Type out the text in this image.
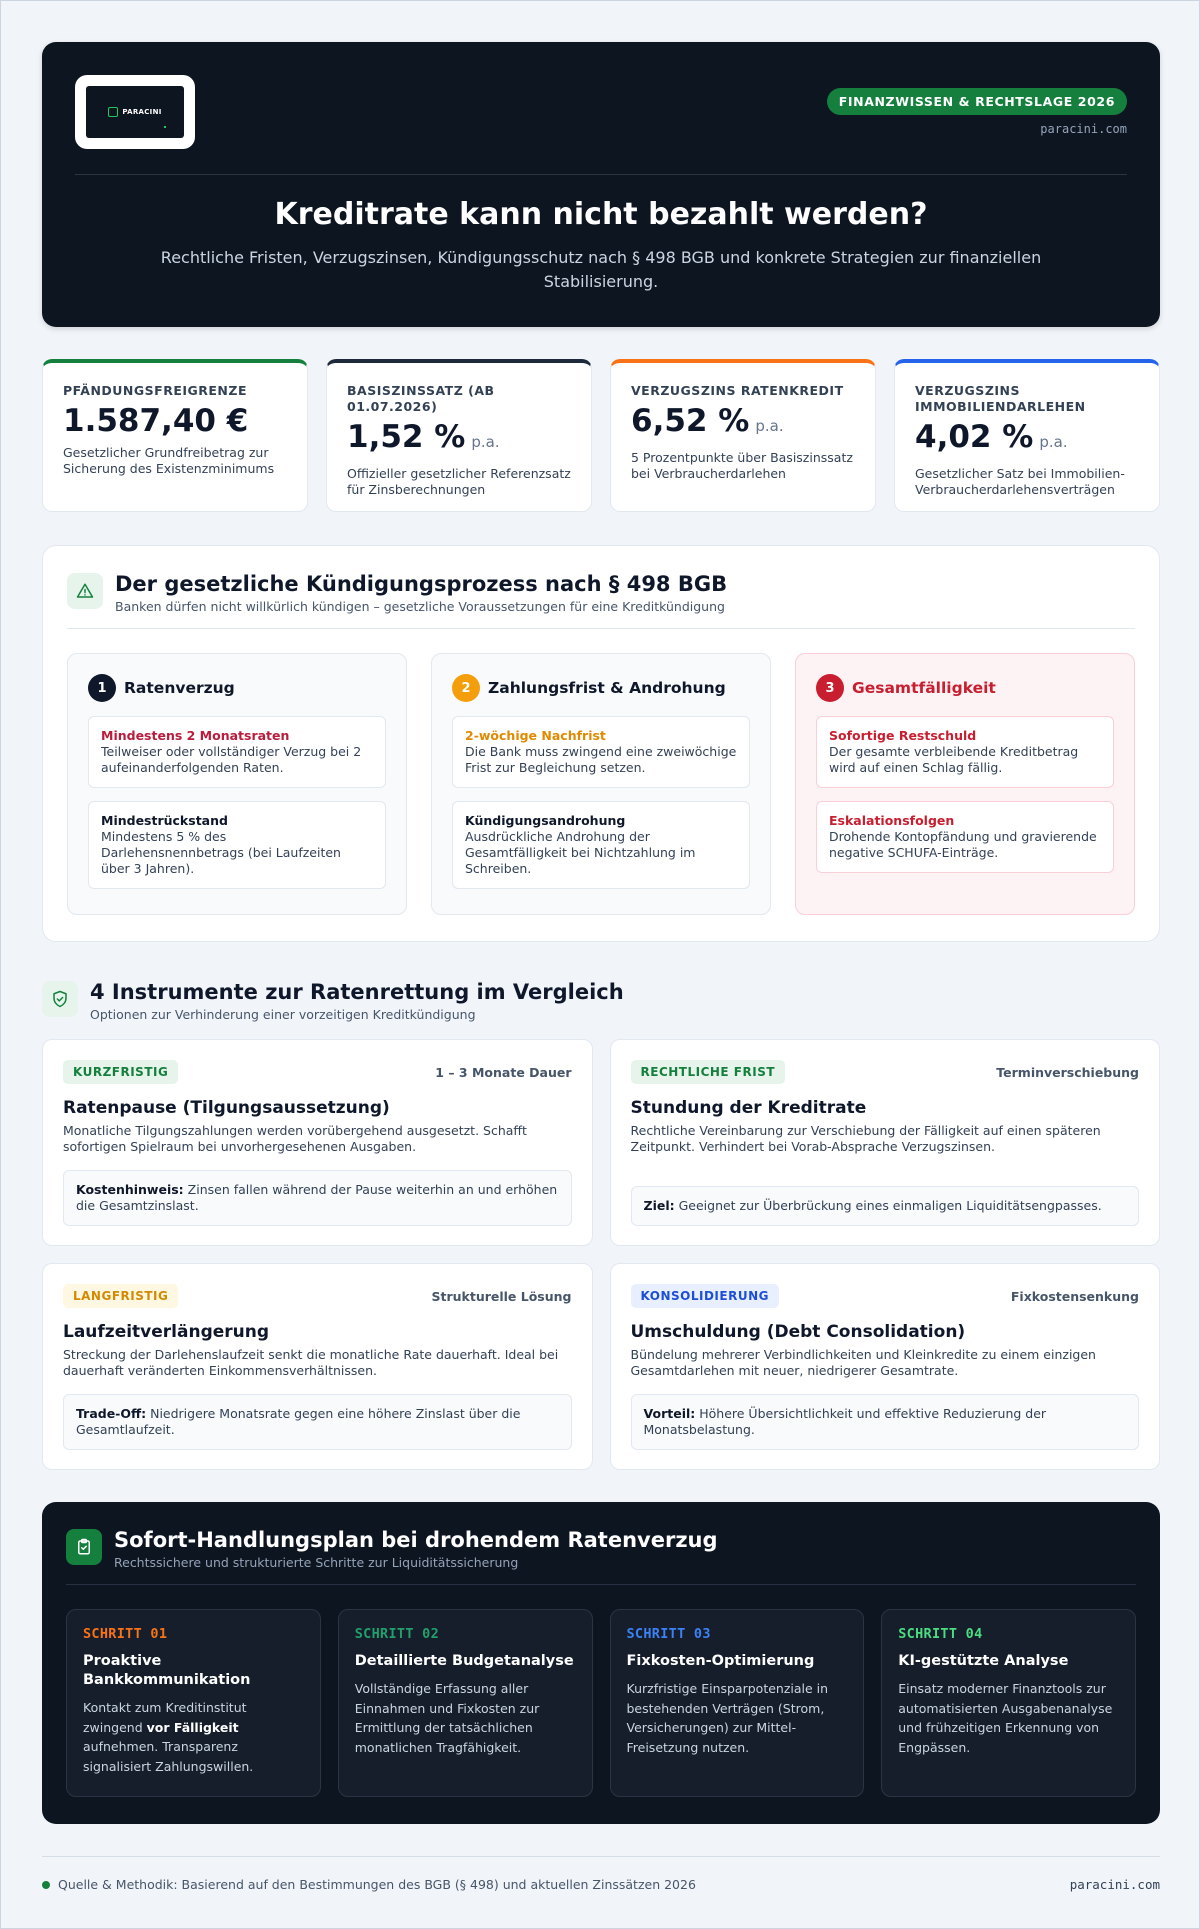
PARACINI
FINANZWISSEN & RECHTSLAGE 2026
paracini.com
Kreditrate kann nicht bezahlt werden?

Rechtliche Fristen, Verzugszinsen, Kündigungsschutz nach § 498 BGB und konkrete Strategien zur finanziellen Stabilisierung.

PFÄNDUNGSFREIGRENZE
1.587,40 €
Gesetzlicher Grundfreibetrag zur Sicherung des Existenzminimums
BASISZINSSATZ (AB 01.07.2026)
1,52 % p.a.
Offizieller gesetzlicher Referenzsatz für Zinsberechnungen
VERZUGSZINS RATENKREDIT
6,52 % p.a.
5 Prozentpunkte über Basiszinssatz bei Verbraucherdarlehen
VERZUGSZINS IMMOBILIENDARLEHEN
4,02 % p.a.
Gesetzlicher Satz bei Immobilien-Verbraucherdarlehensverträgen
Der gesetzliche Kündigungsprozess nach § 498 BGB
Banken dürfen nicht willkürlich kündigen – gesetzliche Voraussetzungen für eine Kreditkündigung
1	Ratenverzug
Mindestens 2 Monatsraten
Teilweiser oder vollständiger Verzug bei 2 aufeinanderfolgenden Raten.
Mindestrückstand
Mindestens 5 % des Darlehensnennbetrags (bei Laufzeiten über 3 Jahren).
2	Zahlungsfrist & Androhung
2-wöchige Nachfrist
Die Bank muss zwingend eine zweiwöchige Frist zur Begleichung setzen.
Kündigungsandrohung
Ausdrückliche Androhung der Gesamtfälligkeit bei Nichtzahlung im Schreiben.
3	Gesamtfälligkeit
Sofortige Restschuld
Der gesamte verbleibende Kreditbetrag wird auf einen Schlag fällig.
Eskalationsfolgen
Drohende Kontopfändung und gravierende negative SCHUFA-Einträge.
4 Instrumente zur Ratenrettung im Vergleich
Optionen zur Verhinderung einer vorzeitigen Kreditkündigung
KURZFRISTIG	1 – 3 Monate Dauer
Ratenpause (Tilgungsaussetzung)

Monatliche Tilgungszahlungen werden vorübergehend ausgesetzt. Schafft sofortigen Spielraum bei unvorhergesehenen Ausgaben.

Kostenhinweis: Zinsen fallen während der Pause weiterhin an und erhöhen die Gesamtzinslast.
RECHTLICHE FRIST	Terminverschiebung
Stundung der Kreditrate

Rechtliche Vereinbarung zur Verschiebung der Fälligkeit auf einen späteren Zeitpunkt. Verhindert bei Vorab-Absprache Verzugszinsen.

Ziel: Geeignet zur Überbrückung eines einmaligen Liquiditätsengpasses.
LANGFRISTIG	Strukturelle Lösung
Laufzeitverlängerung

Streckung der Darlehenslaufzeit senkt die monatliche Rate dauerhaft. Ideal bei dauerhaft veränderten Einkommensverhältnissen.

Trade-Off: Niedrigere Monatsrate gegen eine höhere Zinslast über die Gesamtlaufzeit.
KONSOLIDIERUNG	Fixkostensenkung
Umschuldung (Debt Consolidation)

Bündelung mehrerer Verbindlichkeiten und Kleinkredite zu einem einzigen Gesamtdarlehen mit neuer, niedrigerer Gesamtrate.

Vorteil: Höhere Übersichtlichkeit und effektive Reduzierung der Monatsbelastung.
Sofort-Handlungsplan bei drohendem Ratenverzug
Rechtssichere und strukturierte Schritte zur Liquiditätssicherung
SCHRITT 01
Proaktive Bankkommunikation

Kontakt zum Kreditinstitut zwingend vor Fälligkeit aufnehmen. Transparenz signalisiert Zahlungswillen.

SCHRITT 02
Detaillierte Budgetanalyse

Vollständige Erfassung aller Einnahmen und Fixkosten zur Ermittlung der tatsächlichen monatlichen Tragfähigkeit.

SCHRITT 03
Fixkosten-Optimierung

Kurzfristige Einsparpotenziale in bestehenden Verträgen (Strom, Versicherungen) zur Mittel-Freisetzung nutzen.

SCHRITT 04
KI-gestützte Analyse

Einsatz moderner Finanztools zur automatisierten Ausgabenanalyse und frühzeitigen Erkennung von Engpässen.

Quelle & Methodik: Basierend auf den Bestimmungen des BGB (§ 498) und aktuellen Zinssätzen 2026	paracini.com
